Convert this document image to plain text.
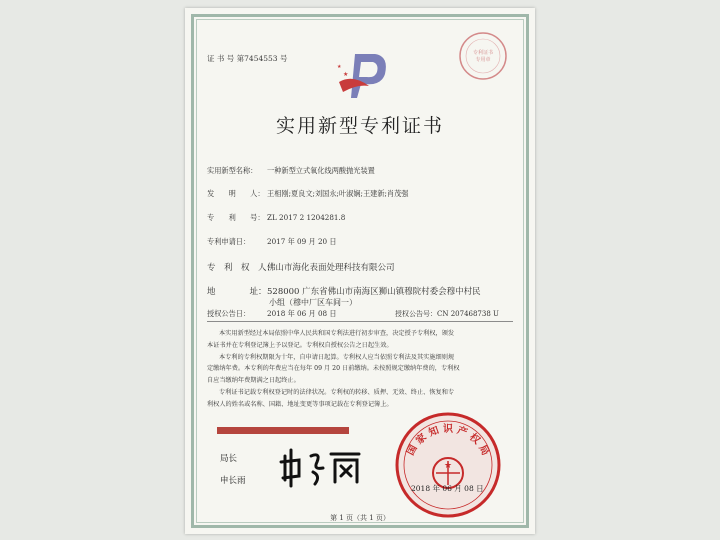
证 书 号 第7454553 号
★
★
专利证书
专用章
实用新型专利证书
实用新型名称： 一种新型立式氧化线两酸抛光装置
发　　明　　人： 王相刚;夏良文;刘国永;叶淑娴;王建新;肖茂强
专　　利　　号： ZL 2017 2 1204281.8
专利申请日： 2017 年 09 月 20 日
专　利　权　人：佛山市海化表面处理科技有限公司
地　　　　址：528000 广东省佛山市南海区狮山镇穆院村委会穆中村民
小组（穆中厂区车间一）
授权公告日： 2018 年 06 月 08 日	授权公告号：CN 207468738 U

本实用新型经过本局依照中华人民共和国专利法进行初步审查，决定授予专利权，颁发

本证书并在专利登记簿上予以登记。专利权自授权公告之日起生效。

本专利的专利权期限为十年，自申请日起算。专利权人应当依照专利法及其实施细则规

定缴纳年费。本专利的年费应当在每年 09 月 20 日前缴纳。未按照规定缴纳年费的，专利权

自应当缴纳年费期满之日起终止。

专利证书记载专利权登记时的法律状况。专利权的转移、质押、无效、终止、恢复和专

利权人的姓名或名称、国籍、地址变更等事项记载在专利登记簿上。

局长
申长雨
国 家 知 识 产 权 局
★
2018 年 06 月 08 日
第 1 页（共 1 页）
